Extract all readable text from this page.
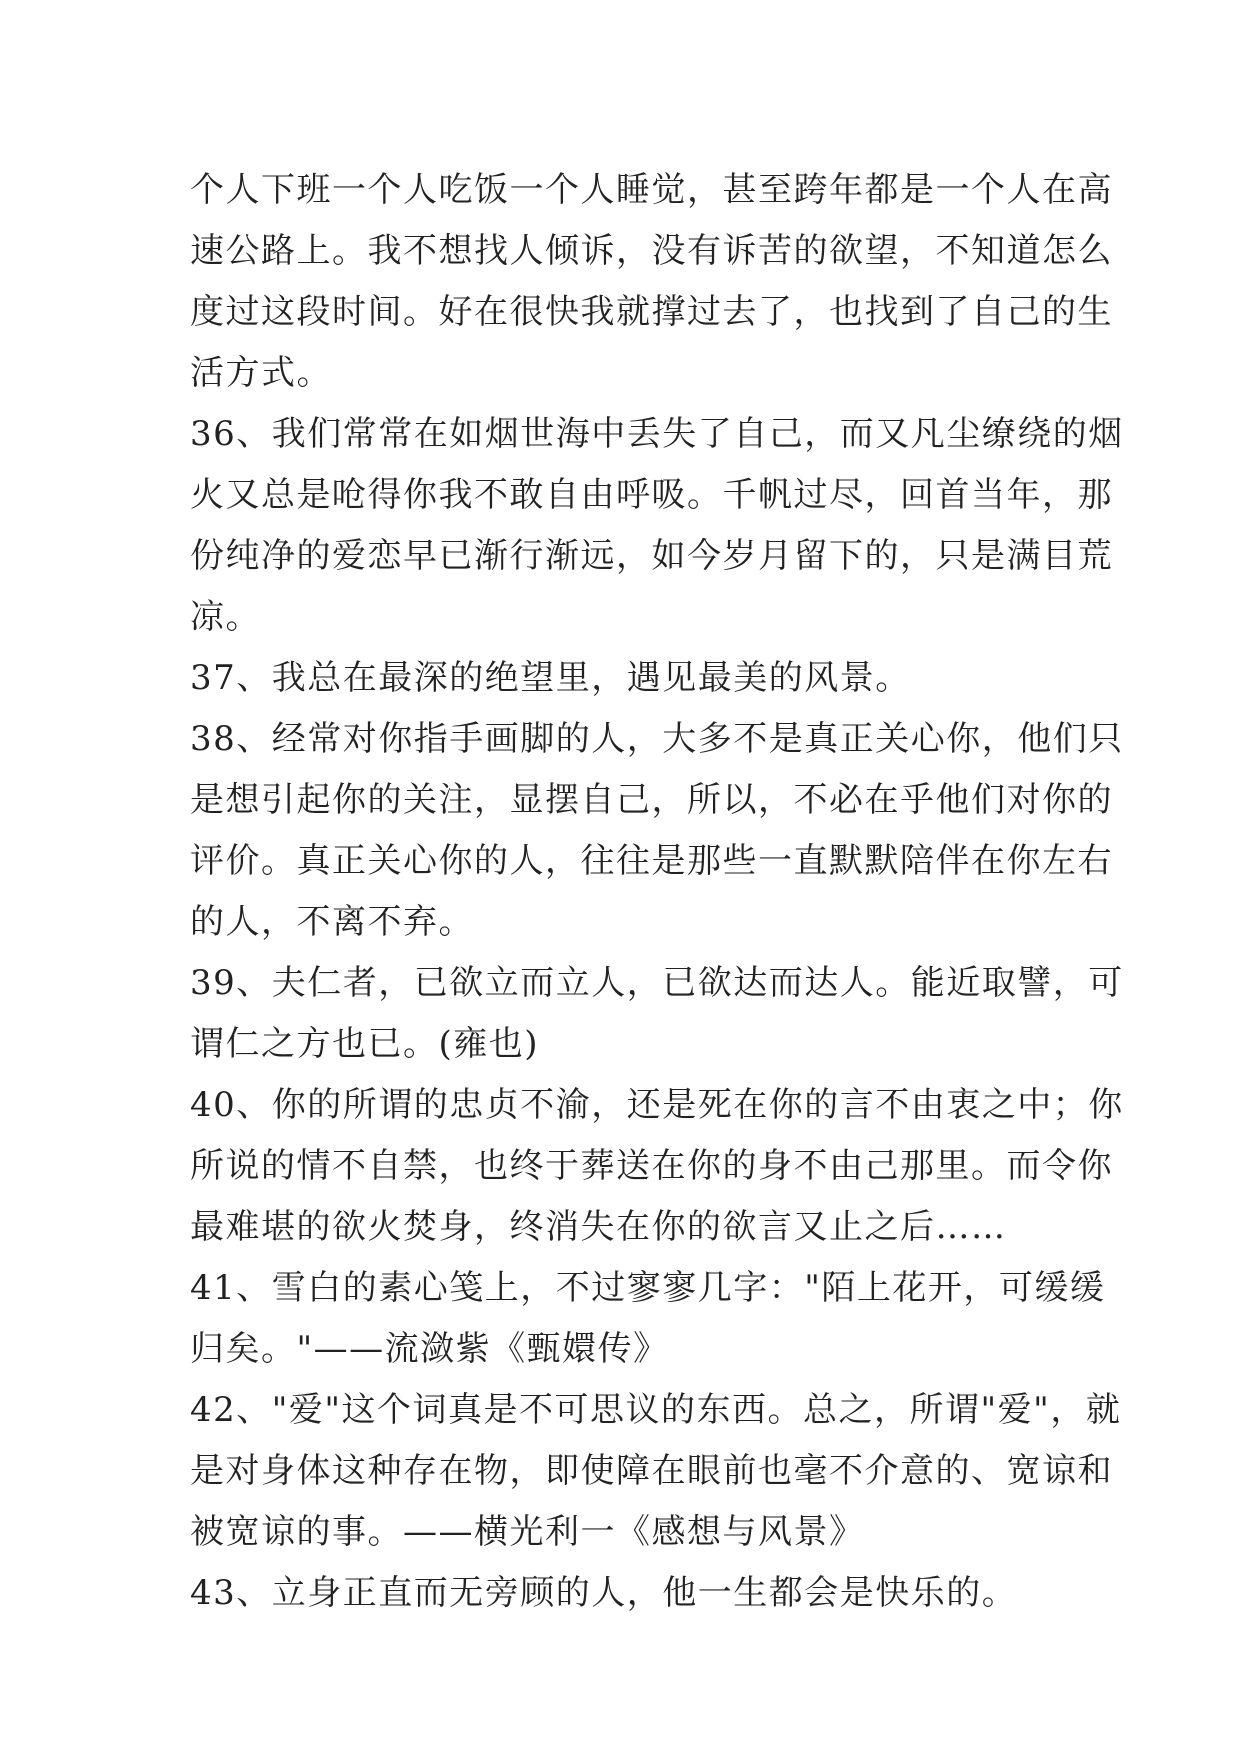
个人下班一个人吃饭一个人睡觉，甚至跨年都是一个人在高
速公路上。我不想找人倾诉，没有诉苦的欲望，不知道怎么
度过这段时间。好在很快我就撑过去了，也找到了自己的生
活方式。
36、我们常常在如烟世海中丢失了自己，而又凡尘缭绕的烟
火又总是呛得你我不敢自由呼吸。千帆过尽，回首当年，那
份纯净的爱恋早已渐行渐远，如今岁月留下的，只是满目荒
凉。
37、我总在最深的绝望里，遇见最美的风景。
38、经常对你指手画脚的人，大多不是真正关心你，他们只
是想引起你的关注，显摆自己，所以，不必在乎他们对你的
评价。真正关心你的人，往往是那些一直默默陪伴在你左右
的人，不离不弃。
39、夫仁者，已欲立而立人，已欲达而达人。能近取譬，可
谓仁之方也已。(雍也)
40、你的所谓的忠贞不渝，还是死在你的言不由衷之中；你
所说的情不自禁，也终于葬送在你的身不由己那里。而令你
最难堪的欲火焚身，终消失在你的欲言又止之后……
41、雪白的素心笺上，不过寥寥几字："陌上花开，可缓缓
归矣。"——流潋紫《甄嬛传》
42、"爱"这个词真是不可思议的东西。总之，所谓"爱"，就
是对身体这种存在物，即使障在眼前也毫不介意的、宽谅和
被宽谅的事。——横光利一《感想与风景》
43、立身正直而无旁顾的人，他一生都会是快乐的。
